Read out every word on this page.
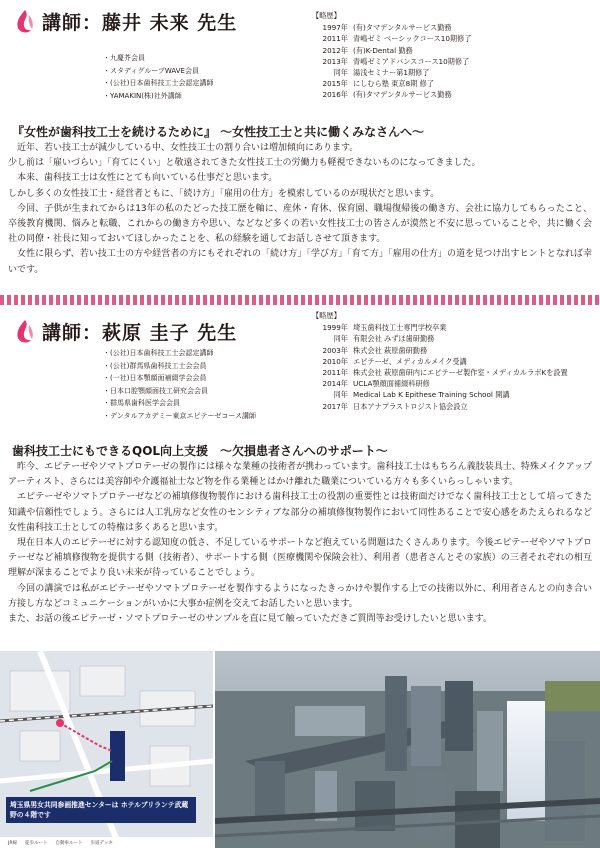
講師：藤井 未来 先生
・ 九慶芥会員
・ スタディグループWAVE会員
・ (公社)日本歯科技工士会認定講師
・ YAMAKIN(株)社外講師
【略歴】
1997年 (有)タマデンタルサービス勤務
2011年 青嶋ゼミ ベーシックコース10期修了
2012年 (有)K-Dental 勤務
2013年 青嶋ゼミアドバンスコース10期修了
同年 湯浅セミナー第1期修了
2015年 にしむら塾 東京8期 修了
2016年 (有)タマデンタルサービス勤務
『女性が歯科技工士を続けるために』 ～女性技工士と共に働くみなさんへ～

近年、若い技工士が減少している中、女性技工士の割り合いは増加傾向にあります。

少し前は「雇いづらい」「育てにくい」と敬遠されてきた女性技工士の労働力も軽視できないものになってきました。

本来、歯科技工士は女性にとても向いている仕事だと思います。

しかし多くの女性技工士・経営者ともに、「続け方」「雇用の仕方」を模索しているのが現状だと思います。

今回、子供が生まれてからは13年の私のたどった技工歴を軸に、産休・育休、保育園、職場復帰後の働き方、会社に協力してもらったこと、卒後教育機関、悩みと転職、これからの働き方や思い、などなど多くの若い女性技工士の皆さんが漠然と不安に思っていることや、共に働く会社の同僚・社長に知っておいてほしかったことを、私の経験を通してお話しさせて頂きます。

女性に限らず、若い技工士の方や経営者の方にもそれぞれの「続け方」「学び方」「育て方」「雇用の仕方」の道を見つけ出すヒントとなれば幸いです。

講師：萩原 圭子 先生
・ (公社)日本歯科技工士会認定講師
・ (公社)群馬県歯科技工士会会員
・ (一社)日本顎顔面補綴学会会員
・ 日本口腔顎顔面技工研究会会員
・ 群馬県歯科医学会会員
・ デンタルアカデミー東京エピテーゼコース講師
【略歴】
1999年 埼玉歯科技工士専門学校卒業
同年 有限会社 みずほ歯研勤務
2003年 株式会社 萩原歯研勤務
2010年 エピテーゼ、メディカルメイク受講
2011年 株式会社 萩原歯研内にエピテーゼ製作室・メディカルラボKを設置
2014年 UCLA顎顔面補綴科研修
同年 Medical Lab K Epithese Training School 開講
2017年 日本アナプラストロジスト協会設立
歯科技工士にもできるQOL向上支援　～欠損患者さんへのサポート～

昨今、エピテーゼやソマトプロテーゼの製作には様々な業種の技術者が携わっています。歯科技工士はもちろん義肢装具士、特殊メイクアップアーティスト、さらには美容師や介護福祉士など物を作る業種とはかけ離れた職業についている方々も多くいらっしゃいます。

エピテーゼやソマトプロテーゼなどの補填修復物製作における歯科技工士の役割の重要性とは技術面だけでなく歯科技工士として培ってきた知識や信頼性でしょう。さらには人工乳房など女性のセンシティブな部分の補填修復物製作において同性あることで安心感をあたえられるなど女性歯科技工士としての特権は多くあると思います。

現在日本人のエピテーゼに対する認知度の低さ、不足しているサポートなど抱えている問題はたくさんあります。今後エピテーゼやソマトプロテーゼなど補填修復物を提供する側（技術者）、サポートする側（医療機関や保険会社）、利用者（患者さんとその家族）の三者それぞれの相互理解が深まることでより良い未来が待っていることでしょう。

今回の講演では私がエピテーゼやソマトプロテーゼを製作するようになったきっかけや製作する上での技術以外に、利用者さんとの向き合い方接し方などコミュニケーションがいかに大事か症例を交えてお話したいと思います。

また、お話の後エピテーゼ・ソマトプロテーゼのサンプルを直に見て触っていただきご質問等お受けしたいと思います。

埼玉県男女共同参画推進センターは ホテルブリランテ武蔵野の４階です
JR線 徒歩ルート 自動車ルート 歩道デッキ
